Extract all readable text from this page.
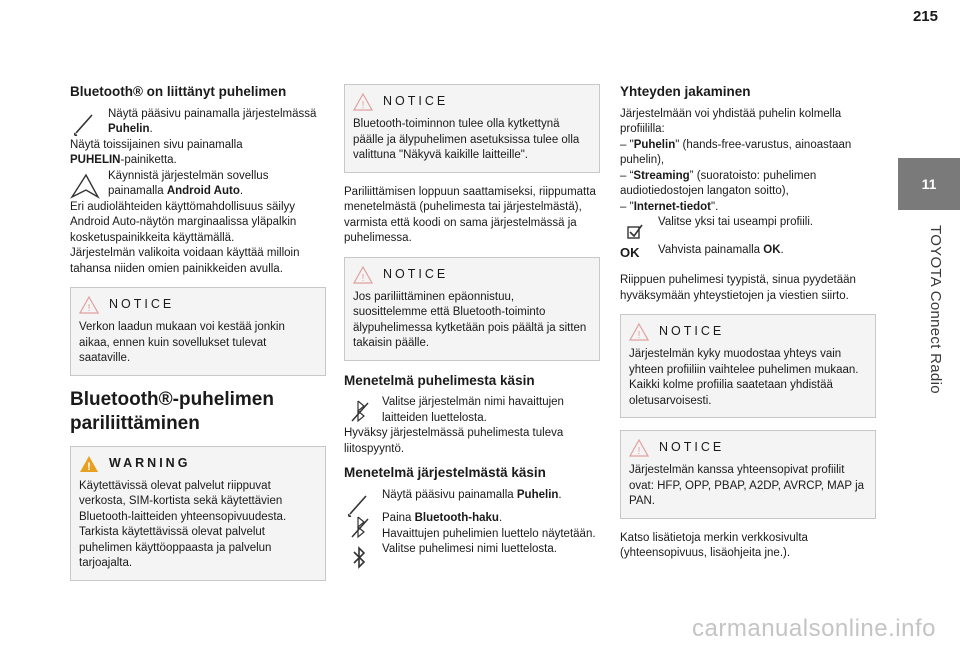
215
11
TOYOTA Connect Radio
Bluetooth® on liittänyt puhelimen

Näytä pääsivu painamalla järjestelmässä Puhelin.

Näytä toissijainen sivu painamalla
PUHELIN-painiketta.

Käynnistä järjestelmän sovellus painamalla Android Auto.

Eri audiolähteiden käyttömahdollisuus säilyy Android Auto-näytön marginaalissa yläpalkin kosketuspainikkeita käyttämällä.

Järjestelmän valikoita voidaan käyttää milloin tahansa niiden omien painikkeiden avulla.

! NOTICE

Verkon laadun mukaan voi kestää jonkin aikaa, ennen kuin sovellukset tulevat saataville.

Bluetooth®-puhelimen pariliittäminen
! WARNING

Käytettävissä olevat palvelut riippuvat verkosta, SIM-kortista sekä käytettävien Bluetooth-laitteiden yhteensopivuudesta. Tarkista käytettävissä olevat palvelut puhelimen käyttöoppaasta ja palvelun tarjoajalta.

! NOTICE

Bluetooth-toiminnon tulee olla kytkettynä päälle ja älypuhelimen asetuksissa tulee olla valittuna "Näkyvä kaikille laitteille".

Pariliittämisen loppuun saattamiseksi, riippumatta menetelmästä (puhelimesta tai järjestelmästä), varmista että koodi on sama järjestelmässä ja puhelimessa.

! NOTICE

Jos pariliittäminen epäonnistuu, suosittelemme että Bluetooth-toiminto älypuhelimessa kytketään pois päältä ja sitten takaisin päälle.

Menetelmä puhelimesta käsin

Valitse järjestelmän nimi havaittujen laitteiden luettelosta.

Hyväksy järjestelmässä puhelimesta tuleva liitospyyntö.

Menetelmä järjestelmästä käsin

Näytä pääsivu painamalla Puhelin.

Paina Bluetooth-haku.
Havaittujen puhelimien luettelo näytetään.

Valitse puhelimesi nimi luettelosta.

Yhteyden jakaminen

Järjestelmään voi yhdistää puhelin kolmella profiililla:

– "Puhelin" (hands-free-varustus, ainoastaan puhelin),

– “Streaming” (suoratoisto: puhelimen audiotiedostojen langaton soitto),

– "Internet-tiedot".

Valitse yksi tai useampi profiili.

OK	Vahvista painamalla OK.

Riippuen puhelimesi tyypistä, sinua pyydetään hyväksymään yhteystietojen ja viestien siirto.

! NOTICE

Järjestelmän kyky muodostaa yhteys vain yhteen profiiliin vaihtelee puhelimen mukaan. Kaikki kolme profiilia saatetaan yhdistää oletusarvoisesti.

! NOTICE

Järjestelmän kanssa yhteensopivat profiilit ovat: HFP, OPP, PBAP, A2DP, AVRCP, MAP ja PAN.

Katso lisätietoja merkin verkkosivulta (yhteensopivuus, lisäohjeita jne.).

carmanualsonline.info
